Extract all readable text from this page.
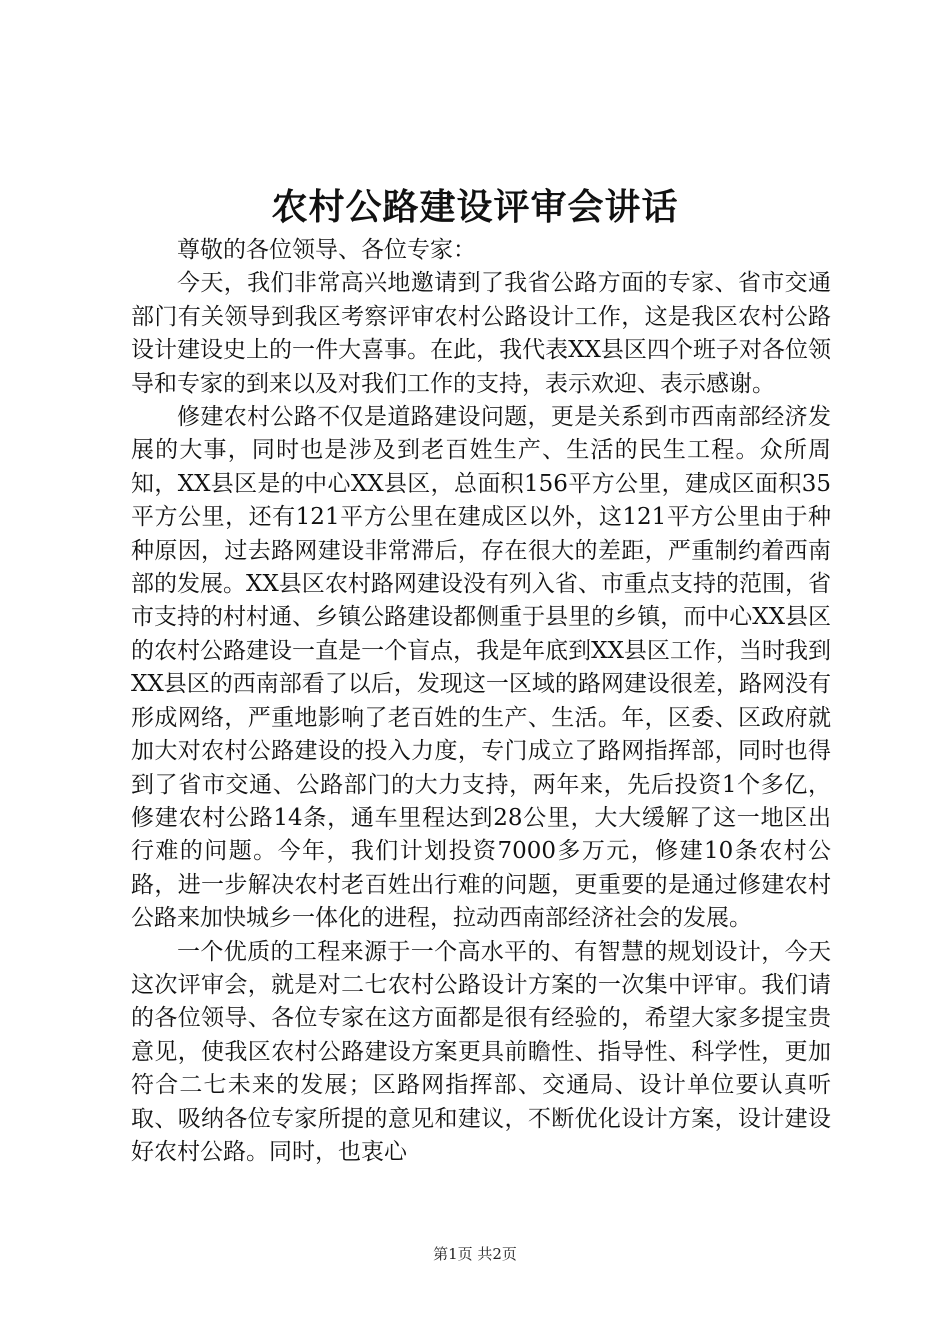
农村公路建设评审会讲话

尊敬的各位领导、各位专家：

今天，我们非常高兴地邀请到了我省公路方面的专家、省市交通部门有关领导到我区考察评审农村公路设计工作，这是我区农村公路设计建设史上的一件大喜事。在此，我代表XX县区四个班子对各位领导和专家的到来以及对我们工作的支持，表示欢迎、表示感谢。

修建农村公路不仅是道路建设问题，更是关系到市西南部经济发展的大事，同时也是涉及到老百姓生产、生活的民生工程。众所周知，XX县区是的中心XX县区，总面积156平方公里，建成区面积35平方公里，还有121平方公里在建成区以外，这121平方公里由于种种原因，过去路网建设非常滞后，存在很大的差距，严重制约着西南部的发展。XX县区农村路网建设没有列入省、市重点支持的范围，省市支持的村村通、乡镇公路建设都侧重于县里的乡镇，而中心XX县区的农村公路建设一直是一个盲点，我是年底到XX县区工作，当时我到XX县区的西南部看了以后，发现这一区域的路网建设很差，路网没有形成网络，严重地影响了老百姓的生产、生活。年，区委、区政府就加大对农村公路建设的投入力度，专门成立了路网指挥部，同时也得到了省市交通、公路部门的大力支持，两年来，先后投资1个多亿，修建农村公路14条，通车里程达到28公里，大大缓解了这一地区出行难的问题。今年，我们计划投资7000多万元，修建10条农村公路，进一步解决农村老百姓出行难的问题，更重要的是通过修建农村公路来加快城乡一体化的进程，拉动西南部经济社会的发展。

一个优质的工程来源于一个高水平的、有智慧的规划设计，今天这次评审会，就是对二七农村公路设计方案的一次集中评审。我们请的各位领导、各位专家在这方面都是很有经验的，希望大家多提宝贵意见，使我区农村公路建设方案更具前瞻性、指导性、科学性，更加符合二七未来的发展；区路网指挥部、交通局、设计单位要认真听取、吸纳各位专家所提的意见和建议，不断优化设计方案，设计建设好农村公路。同时，也衷心

第1页 共2页
